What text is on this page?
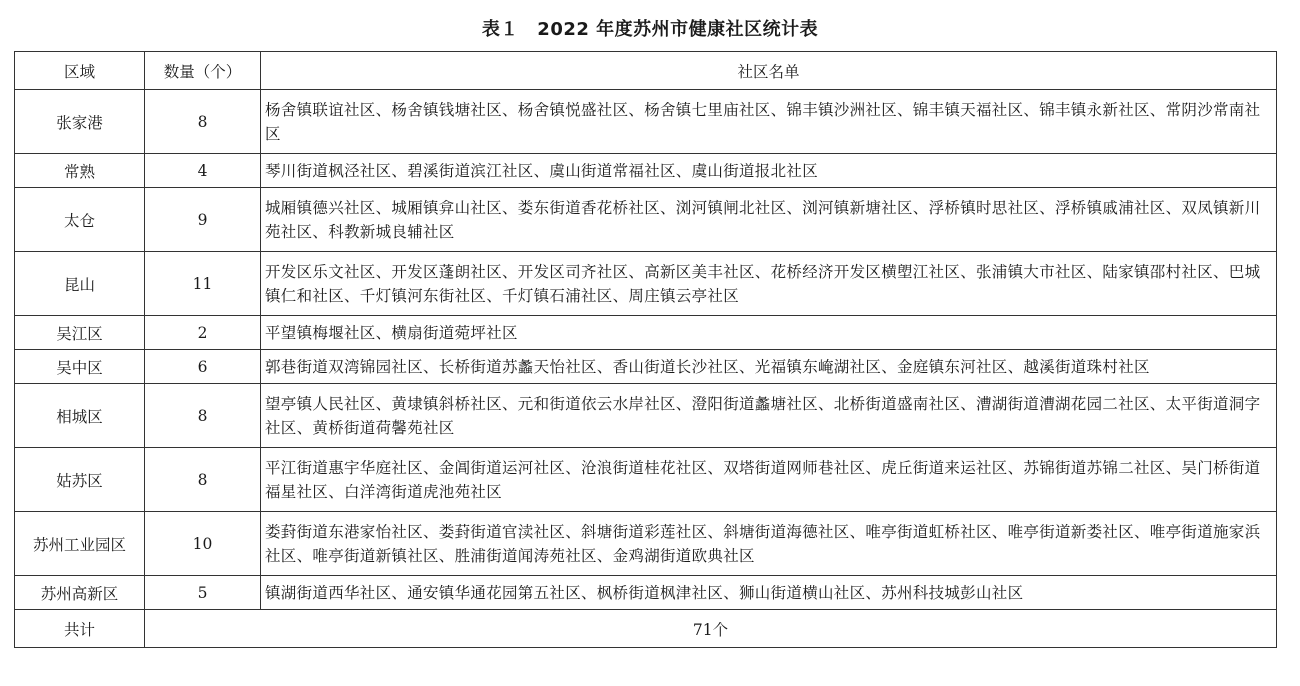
表１　2022 年度苏州市健康社区统计表
区域	数量（个）	社区名单
张家港	8	杨舍镇联谊社区、杨舍镇钱塘社区、杨舍镇悦盛社区、杨舍镇七里庙社区、锦丰镇沙洲社区、锦丰镇天福社区、锦丰镇永新社区、常阴沙常南社区
常熟	4	琴川街道枫泾社区、碧溪街道滨江社区、虞山街道常福社区、虞山街道报北社区
太仓	9	城厢镇德兴社区、城厢镇弇山社区、娄东街道香花桥社区、浏河镇闸北社区、浏河镇新塘社区、浮桥镇时思社区、浮桥镇戚浦社区、双凤镇新川苑社区、科教新城良辅社区
昆山	11	开发区乐文社区、开发区蓬朗社区、开发区司齐社区、高新区美丰社区、花桥经济开发区横塱江社区、张浦镇大市社区、陆家镇邵村社区、巴城镇仁和社区、千灯镇河东街社区、千灯镇石浦社区、周庄镇云亭社区
吴江区	2	平望镇梅堰社区、横扇街道菀坪社区
吴中区	6	郭巷街道双湾锦园社区、长桥街道苏蠡天怡社区、香山街道长沙社区、光福镇东崦湖社区、金庭镇东河社区、越溪街道珠村社区
相城区	8	望亭镇人民社区、黄埭镇斜桥社区、元和街道依云水岸社区、澄阳街道蠡塘社区、北桥街道盛南社区、漕湖街道漕湖花园二社区、太平街道洞字社区、黄桥街道荷馨苑社区
姑苏区	8	平江街道惠宇华庭社区、金阊街道运河社区、沧浪街道桂花社区、双塔街道网师巷社区、虎丘街道来运社区、苏锦街道苏锦二社区、吴门桥街道福星社区、白洋湾街道虎池苑社区
苏州工业园区	10	娄葑街道东港家怡社区、娄葑街道官渎社区、斜塘街道彩莲社区、斜塘街道海德社区、唯亭街道虹桥社区、唯亭街道新娄社区、唯亭街道施家浜社区、唯亭街道新镇社区、胜浦街道闻涛苑社区、金鸡湖街道欧典社区
苏州高新区	5	镇湖街道西华社区、通安镇华通花园第五社区、枫桥街道枫津社区、狮山街道横山社区、苏州科技城彭山社区
共计	71个	
